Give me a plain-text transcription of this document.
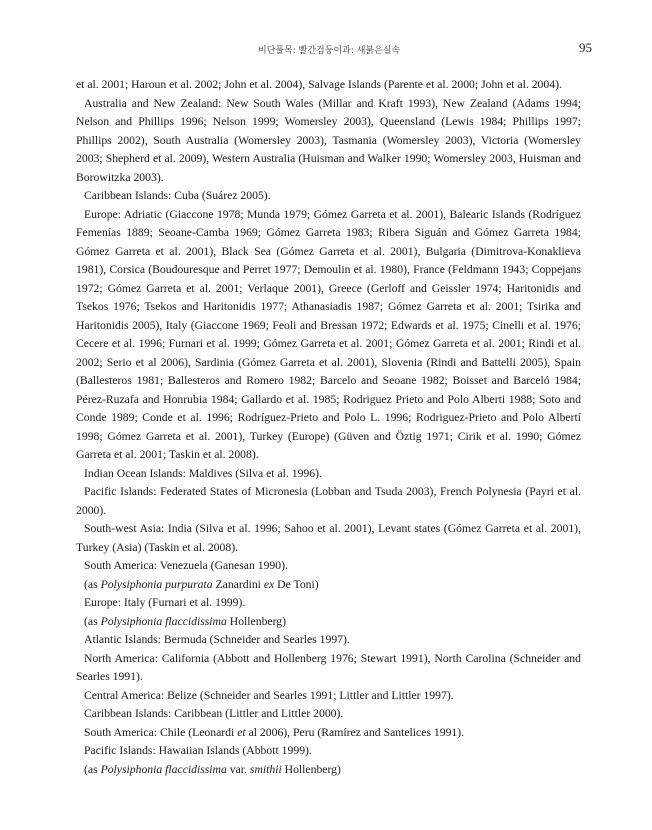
비단풀목: 빨간검둥이과: 새붉은실속	95

et al. 2001; Haroun et al. 2002; John et al. 2004), Salvage Islands (Parente et al. 2000; John et al. 2004).

Australia and New Zealand: New South Wales (Millar and Kraft 1993), New Zealand (Adams 1994; Nelson and Phillips 1996; Nelson 1999; Womersley 2003), Queensland (Lewis 1984; Phillips 1997; Phillips 2002), South Australia (Womersley 2003), Tasmania (Womersley 2003), Victoria (Womersley 2003; Shepherd et al. 2009), Western Australia (Huisman and Walker 1990; Womersley 2003, Huisman and Borowitzka 2003).

Caribbean Islands: Cuba (Suárez 2005).

Europe: Adriatic (Giaccone 1978; Munda 1979; Gómez Garreta et al. 2001), Balearic Islands (Rodríguez Femenías 1889; Seoane-Camba 1969; Gómez Garreta 1983; Ribera Siguán and Gómez Garreta 1984; Gómez Garreta et al. 2001), Black Sea (Gómez Garreta et al. 2001), Bulgaria (Dimitrova-Konaklieva 1981), Corsica (Boudouresque and Perret 1977; Demoulin et al. 1980), France (Feldmann 1943; Coppejans 1972; Gómez Garreta et al. 2001; Verlaque 2001), Greece (Gerloff and Geissler 1974; Haritonidis and Tsekos 1976; Tsekos and Haritonidis 1977; Athanasiadis 1987; Gómez Garreta et al. 2001; Tsirika and Haritonidis 2005), Italy (Giaccone 1969; Feoli and Bressan 1972; Edwards et al. 1975; Cinelli et al. 1976; Cecere et al. 1996; Furnari et al. 1999; Gómez Garreta et al. 2001; Gómez Garreta et al. 2001; Rindi et al. 2002; Serio et al 2006), Sardinia (Gómez Garreta et al. 2001), Slovenia (Rindi and Battelli 2005), Spain (Ballesteros 1981; Ballesteros and Romero 1982; Barcelo and Seoane 1982; Boisset and Barceló 1984; Pérez-Ruzafa and Honrubia 1984; Gallardo et al. 1985; Rodriguez Prieto and Polo Alberti 1988; Soto and Conde 1989; Conde et al. 1996; Rodríguez-Prieto and Polo L. 1996; Rodriguez-Prieto and Polo Albertí 1998; Gómez Garreta et al. 2001), Turkey (Europe) (Güven and Öztig 1971; Cirik et al. 1990; Gómez Garreta et al. 2001; Taskin et al. 2008).

Indian Ocean Islands: Maldives (Silva et al. 1996).

Pacific Islands: Federated States of Micronesia (Lobban and Tsuda 2003), French Polynesia (Payri et al. 2000).

South-west Asia: India (Silva et al. 1996; Sahoo et al. 2001), Levant states (Gómez Garreta et al. 2001), Turkey (Asia) (Taskin et al. 2008).

South America: Venezuela (Ganesan 1990).

(as Polysiphonia purpurata Zanardini ex De Toni)

Europe: Italy (Furnari et al. 1999).

(as Polysiphonia flaccidissima Hollenberg)

Atlantic Islands: Bermuda (Schneider and Searles 1997).

North America: California (Abbott and Hollenberg 1976; Stewart 1991), North Carolina (Schneider and Searles 1991).

Central America: Belize (Schneider and Searles 1991; Littler and Littler 1997).

Caribbean Islands: Caribbean (Littler and Littler 2000).

South America: Chile (Leonardi et al 2006), Peru (Ramírez and Santelices 1991).

Pacific Islands: Hawaiian Islands (Abbott 1999).

(as Polysiphonia flaccidissima var. smithii Hollenberg)
